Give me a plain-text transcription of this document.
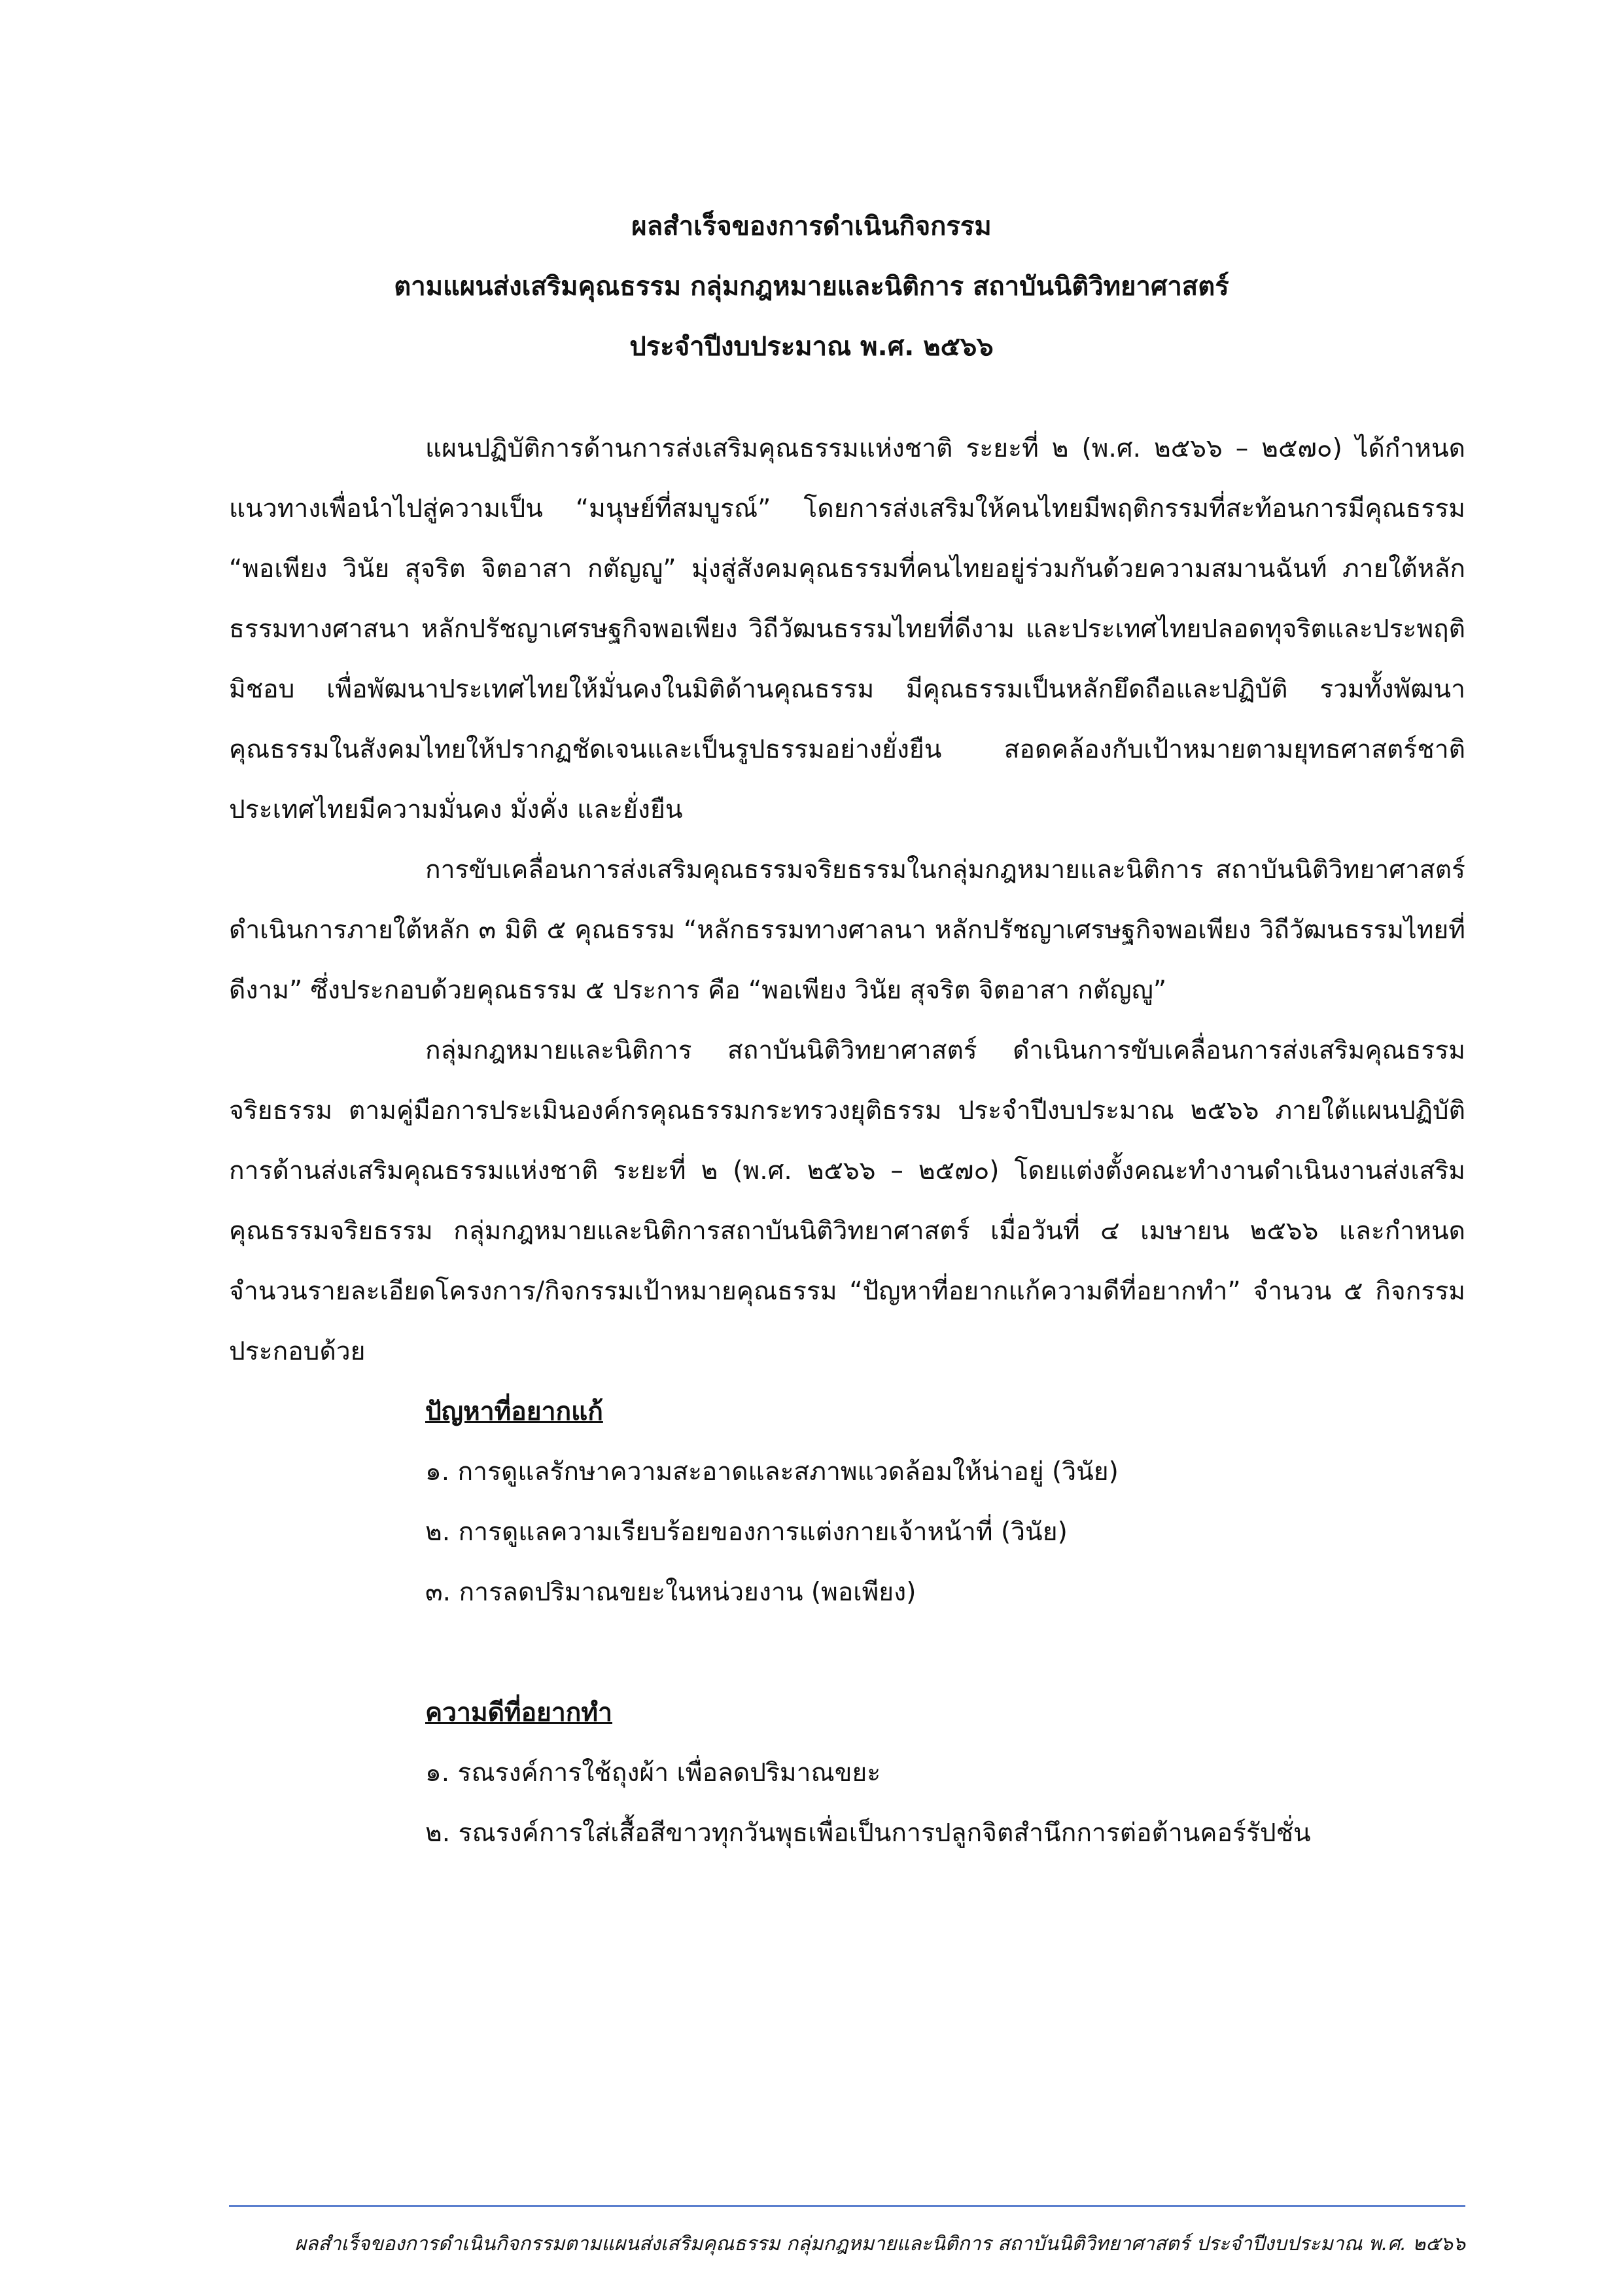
ผลสำเร็จของการดำเนินกิจกรรม
ตามแผนส่งเสริมคุณธรรม กลุ่มกฎหมายและนิติการ สถาบันนิติวิทยาศาสตร์
ประจำปีงบประมาณ พ.ศ. ๒๕๖๖

แผนปฏิบัติการด้านการส่งเสริมคุณธรรมแห่งชาติ ระยะที่ ๒ (พ.ศ. ๒๕๖๖ – ๒๕๗๐) ได้กำหนดแนวทางเพื่อนำไปสู่ความเป็น “มนุษย์ที่สมบูรณ์” โดยการส่งเสริมให้คนไทยมีพฤติกรรมที่สะท้อนการมีคุณธรรม “พอเพียง วินัย สุจริต จิตอาสา กตัญญู” มุ่งสู่สังคมคุณธรรมที่คนไทยอยู่ร่วมกันด้วยความสมานฉันท์ ภายใต้หลักธรรมทางศาสนา หลักปรัชญาเศรษฐกิจพอเพียง วิถีวัฒนธรรมไทยที่ดีงาม และประเทศไทยปลอดทุจริตและประพฤติมิชอบ เพื่อพัฒนาประเทศไทยให้มั่นคงในมิติด้านคุณธรรม มีคุณธรรมเป็นหลักยึดถือและปฏิบัติ รวมทั้งพัฒนาคุณธรรมในสังคมไทยให้ปรากฏชัดเจนและเป็นรูปธรรมอย่างยั่งยืน สอดคล้องกับเป้าหมายตามยุทธศาสตร์ชาติ ประเทศไทยมีความมั่นคง มั่งคั่ง และยั่งยืน

การขับเคลื่อนการส่งเสริมคุณธรรมจริยธรรมในกลุ่มกฎหมายและนิติการ สถาบันนิติวิทยาศาสตร์ ดำเนินการภายใต้หลัก ๓ มิติ ๕ คุณธรรม “หลักธรรมทางศาลนา หลักปรัชญาเศรษฐกิจพอเพียง วิถีวัฒนธรรมไทยที่ดีงาม” ซึ่งประกอบด้วยคุณธรรม ๕ ประการ คือ “พอเพียง วินัย สุจริต จิตอาสา กตัญญู”

กลุ่มกฎหมายและนิติการ สถาบันนิติวิทยาศาสตร์ ดำเนินการขับเคลื่อนการส่งเสริมคุณธรรมจริยธรรม ตามคู่มือการประเมินองค์กรคุณธรรมกระทรวงยุติธรรม ประจำปีงบประมาณ ๒๕๖๖ ภายใต้แผนปฏิบัติการด้านส่งเสริมคุณธรรมแห่งชาติ ระยะที่ ๒ (พ.ศ. ๒๕๖๖ – ๒๕๗๐) โดยแต่งตั้งคณะทำงานดำเนินงานส่งเสริมคุณธรรมจริยธรรม กลุ่มกฎหมายและนิติการสถาบันนิติวิทยาศาสตร์ เมื่อวันที่ ๔ เมษายน ๒๕๖๖ และกำหนดจำนวนรายละเอียดโครงการ/กิจกรรมเป้าหมายคุณธรรม “ปัญหาที่อยากแก้ความดีที่อยากทำ” จำนวน ๕ กิจกรรม ประกอบด้วย

ปัญหาที่อยากแก้

๑. การดูแลรักษาความสะอาดและสภาพแวดล้อมให้น่าอยู่ (วินัย)

๒. การดูแลความเรียบร้อยของการแต่งกายเจ้าหน้าที่ (วินัย)

๓. การลดปริมาณขยะในหน่วยงาน (พอเพียง)

ความดีที่อยากทำ

๑. รณรงค์การใช้ถุงผ้า เพื่อลดปริมาณขยะ

๒. รณรงค์การใส่เสื้อสีขาวทุกวันพุธเพื่อเป็นการปลูกจิตสำนึกการต่อต้านคอร์รัปชั่น

ผลสำเร็จของการดำเนินกิจกรรมตามแผนส่งเสริมคุณธรรม กลุ่มกฎหมายและนิติการ สถาบันนิติวิทยาศาสตร์ ประจำปีงบประมาณ พ.ศ. ๒๕๖๖
